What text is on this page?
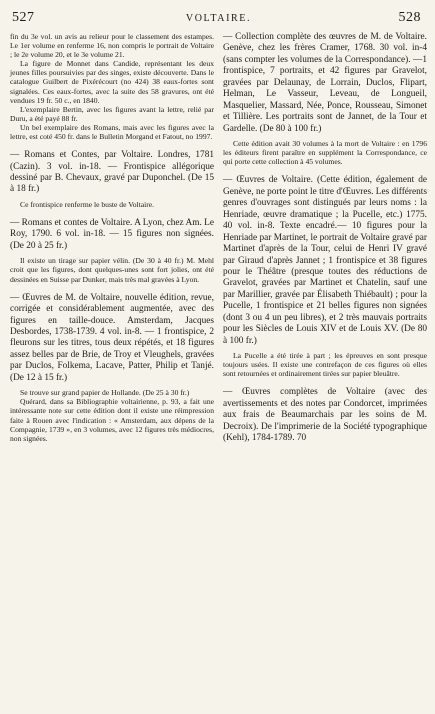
527	VOLTAIRE.	528

fin du 3e vol. un avis au relieur pour le classement des estampes. Le 1er volume en renferme 16, non compris le portrait de Voltaire ; le 2e volume 20, et le 3e volume 21.

La figure de Monnet dans Candide, représentant les deux jeunes filles poursuivies par des singes, existe découverte. Dans le catalogue Guilbert de Pixérécourt (no 424) 38 eaux-fortes sont signalées. Ces eaux-fortes, avec la suite des 58 gravures, ont été vendues 19 fr. 50 c., en 1840.

L'exemplaire Bertin, avec les figures avant la lettre, relié par Duru, a été payé 88 fr.

Un bel exemplaire des Romans, mais avec les figures avec la lettre, est coté 450 fr. dans le Bulletin Morgand et Fatout, no 1997.

— Romans et Contes, par Voltaire. Londres, 1781 (Cazin). 3 vol. in-18. — Frontispice allégorique dessiné par B. Chevaux, gravé par Duponchel. (De 15 à 18 fr.)

Ce frontispice renferme le buste de Voltaire.

— Romans et contes de Voltaire. A Lyon, chez Am. Le Roy, 1790. 6 vol. in-18. — 15 figures non signées. (De 20 à 25 fr.)

Il existe un tirage sur papier vélin. (De 30 à 40 fr.) M. Mehl croit que les figures, dont quelques-unes sont fort jolies, ont été dessinées en Suisse par Dunker, mais très mal gravées à Lyon.

— Œuvres de M. de Voltaire, nouvelle édition, revue, corrigée et considérablement augmentée, avec des figures en taille-douce. Amsterdam, Jacques Desbordes, 1738-1739. 4 vol. in-8. — 1 frontispice, 2 fleurons sur les titres, tous deux répétés, et 18 figures assez belles par de Brie, de Troy et Vleughels, gravées par Duclos, Folkema, Lacave, Patter, Philip et Tanjé. (De 12 à 15 fr.)

Se trouve sur grand papier de Hollande. (De 25 à 30 fr.)

Quérard, dans sa Bibliographie voltairienne, p. 93, a fait une intéressante note sur cette édition dont il existe une réimpression faite à Rouen avec l'indication : « Amsterdam, aux dépens de la Compagnie, 1739 », en 3 volumes, avec 12 figures très médiocres, non signées.

— Collection complète des œuvres de M. de Voltaire. Genève, chez les frères Cramer, 1768. 30 vol. in-4 (sans compter les volumes de la Correspondance). —1 frontispice, 7 portraits, et 42 figures par Gravelot, gravées par Delaunay, de Lorrain, Duclos, Flipart, Helman, Le Vasseur, Leveau, de Longueil, Masquelier, Massard, Née, Ponce, Rousseau, Simonet et Tillière. Les portraits sont de Jannet, de la Tour et Gardelle. (De 80 à 100 fr.)

Cette édition avait 30 volumes à la mort de Voltaire : en 1796 les éditeurs firent paraître en supplément la Correspondance, ce qui porte cette collection à 45 volumes.

— Œuvres de Voltaire. (Cette édition, également de Genève, ne porte point le titre d'Œuvres. Les différents genres d'ouvrages sont distingués par leurs noms : la Henriade, œuvre dramatique ; la Pucelle, etc.) 1775. 40 vol. in-8. Texte encadré.— 10 figures pour la Henriade par Martinet, le portrait de Voltaire gravé par Martinet d'après de la Tour, celui de Henri IV gravé par Giraud d'après Jannet ; 1 frontispice et 38 figures pour le Théâtre (presque toutes des réductions de Gravelot, gravées par Martinet et Chatelin, sauf une par Marillier, gravée par Élisabeth Thiébault) ; pour la Pucelle, 1 frontispice et 21 belles figures non signées (dont 3 ou 4 un peu libres), et 2 très mauvais portraits pour les Siècles de Louis XIV et de Louis XV. (De 80 à 100 fr.)

La Pucelle a été tirée à part ; les épreuves en sont presque toujours usées. Il existe une contrefaçon de ces figures où elles sont retournées et ordinairement tirées sur papier bleuâtre.

— Œuvres complètes de Voltaire (avec des avertissements et des notes par Condorcet, imprimées aux frais de Beaumarchais par les soins de M. Decroix). De l'imprimerie de la Société typographique (Kehl), 1784-1789. 70
